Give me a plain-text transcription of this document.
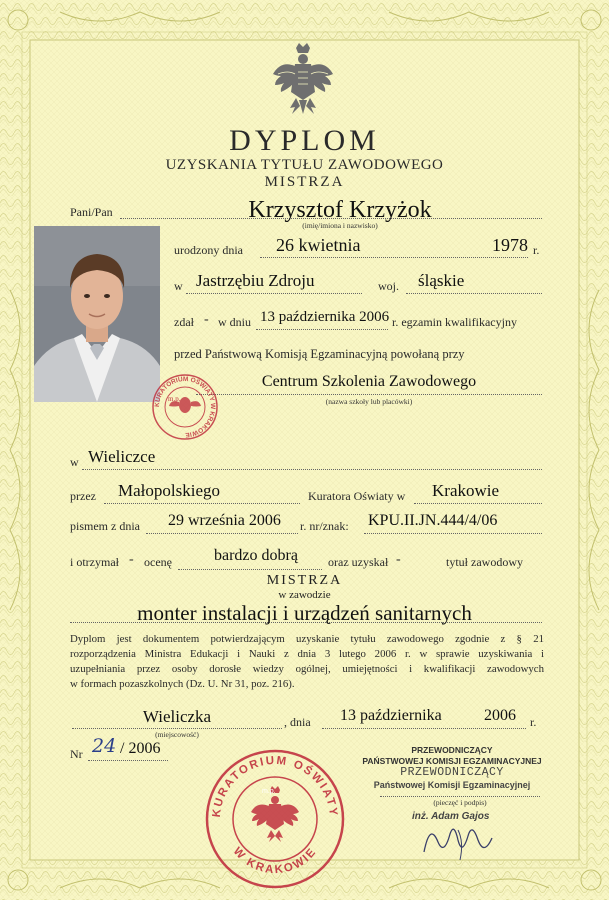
DYPLOM
UZYSKANIA TYTUŁU ZAWODOWEGO
MISTRZA
Pani/Pan	Krzysztof Krzyżok
(imię/imiona i nazwisko)
urodzony dnia 26 kwietnia	1978 r.
w Jastrzębiu Zdroju	woj. śląskie
zdał - w dniu 13 października 2006 r. egzamin kwalifikacyjny
przed Państwową Komisją Egzaminacyjną powołaną przy
Centrum Szkolenia Zawodowego
(nazwa szkoły lub placówki)
KURATORIUM OŚWIATY W KRAKOWIE
m.p.
w Wieliczce
przez Małopolskiego	Kuratora Oświaty w Krakowie
pismem z dnia 29 września 2006 r. nr/znak: KPU.II.JN.444/4/06
i otrzymał - ocenę	bardzo dobrą	oraz uzyskał -	tytuł zawodowy
MISTRZA
w zawodzie
monter instalacji i urządzeń sanitarnych
Dyplom jest dokumentem potwierdzającym uzyskanie tytułu zawodowego zgodnie z § 21
rozporządzenia Ministra Edukacji i Nauki z dnia 3 lutego 2006 r. w sprawie uzyskiwania i
uzupełniania przez osoby dorosłe wiedzy ogólnej, umiejętności i kwalifikacji zawodowych
w formach pozaszkolnych (Dz. U. Nr 31, poz. 216).
Wieliczka
(miejscowość)
, dnia 13 października	2006 r.
Nr 24 / 2006	PRZEWODNICZĄCY
PAŃSTWOWEJ KOMISJI EGZAMINACYJNEJ
PRZEWODNICZĄCY
Państwowej Komisji Egzaminacyjnej
(pieczęć i podpis)
inż. Adam Gajos
KURATORIUM OŚWIATY
W KRAKOWIE
m.p.
